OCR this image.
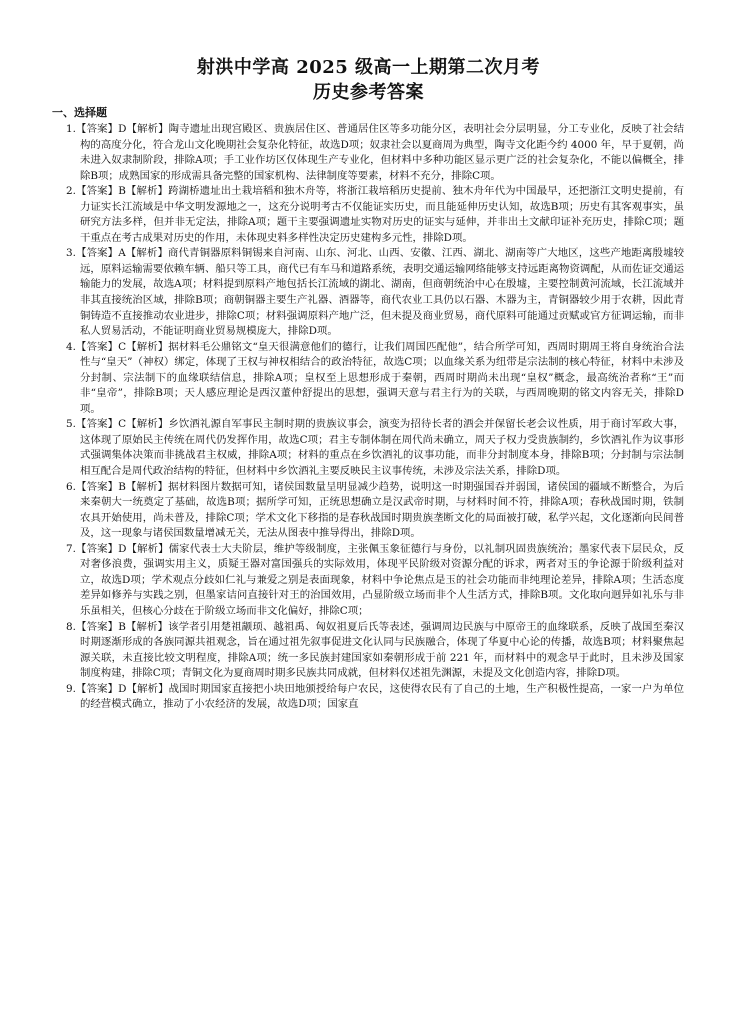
射洪中学高 2025 级高一上期第二次月考
历史参考答案
一、选择题

1.【答案】D【解析】陶寺遗址出现宫殿区、贵族居住区、普通居住区等多功能分区，表明社会分层明显，分工专业化，反映了社会结构的高度分化，符合龙山文化晚期社会复杂化特征，故选D项；奴隶社会以夏商周为典型，陶寺文化距今约 4000 年，早于夏朝，尚未进入奴隶制阶段，排除A项；手工业作坊区仅体现生产专业化，但材料中多种功能区显示更广泛的社会复杂化，不能以偏概全，排除B项；成熟国家的形成需具备完整的国家机构、法律制度等要素，材料不充分，排除C项。

2.【答案】B【解析】跨湖桥遗址出土栽培稻和独木舟等，将浙江栽培稻历史提前、独木舟年代为中国最早，还把浙江文明史提前，有力证实长江流域是中华文明发源地之一，这充分说明考古不仅能证实历史，而且能延伸历史认知，故选B项；历史有其客观事实，虽研究方法多样，但并非无定法，排除A项；题干主要强调遗址实物对历史的证实与延伸，并非出土文献印证补充历史，排除C项；题干重点在考古成果对历史的作用，未体现史料多样性决定历史建构多元性，排除D项。

3.【答案】A【解析】商代青铜器原料铜锡来自河南、山东、河北、山西、安徽、江西、湖北、湖南等广大地区，这些产地距离殷墟较远，原料运输需要依赖车辆、船只等工具，商代已有车马和道路系统，表明交通运输网络能够支持远距离物资调配，从而佐证交通运输能力的发展，故选A项；材料提到原料产地包括长江流域的湖北、湖南，但商朝统治中心在殷墟，主要控制黄河流域，长江流域并非其直接统治区域，排除B项；商朝铜器主要生产礼器、酒器等，商代农业工具仍以石器、木器为主，青铜器较少用于农耕，因此青铜铸造不直接推动农业进步，排除C项；材料强调原料产地广泛，但未提及商业贸易，商代原料可能通过贡赋或官方征调运输，而非私人贸易活动，不能证明商业贸易规模庞大，排除D项。

4.【答案】C【解析】据材料毛公鼎铭文“皇天很满意他们的德行，让我们周国匹配他”，结合所学可知，西周时期周王将自身统治合法性与“皇天”（神权）绑定，体现了王权与神权相结合的政治特征，故选C项；以血缘关系为纽带是宗法制的核心特征，材料中未涉及分封制、宗法制下的血缘联结信息，排除A项；皇权至上思想形成于秦朝，西周时期尚未出现“皇权”概念，最高统治者称“王”而非“皇帝”，排除B项；天人感应理论是西汉董仲舒提出的思想，强调天意与君主行为的关联，与西周晚期的铭文内容无关，排除D项。

5.【答案】C【解析】乡饮酒礼源自军事民主制时期的贵族议事会，演变为招待长者的酒会并保留长老会议性质，用于商讨军政大事，这体现了原始民主传统在周代仍发挥作用，故选C项；君主专制体制在周代尚未确立，周天子权力受贵族制约，乡饮酒礼作为议事形式强调集体决策而非挑战君主权威，排除A项；材料的重点在乡饮酒礼的议事功能，而非分封制度本身，排除B项；分封制与宗法制相互配合是周代政治结构的特征，但材料中乡饮酒礼主要反映民主议事传统，未涉及宗法关系，排除D项。

6.【答案】B【解析】据材料图片数据可知，诸侯国数量呈明显减少趋势，说明这一时期强国吞并弱国，诸侯国的疆域不断整合，为后来秦朝大一统奠定了基础，故选B项；据所学可知，正统思想确立是汉武帝时期，与材料时间不符，排除A项；春秋战国时期，铁制农具开始使用，尚未普及，排除C项；学术文化下移指的是春秋战国时期贵族垄断文化的局面被打破，私学兴起，文化逐渐向民间普及，这一现象与诸侯国数量增减无关，无法从图表中推导得出，排除D项。

7.【答案】D【解析】儒家代表士大夫阶层，维护等级制度，主张佩玉象征德行与身份，以礼制巩固贵族统治；墨家代表下层民众，反对奢侈浪费，强调实用主义，质疑王器对富国强兵的实际效用，体现平民阶级对资源分配的诉求，两者对玉的争论源于阶级利益对立，故选D项；学术观点分歧如仁礼与兼爱之别是表面现象，材料中争论焦点是玉的社会功能而非纯理论差异，排除A项；生活态度差异如修养与实践之别，但墨家诘问直接针对王的治国效用，凸显阶级立场而非个人生活方式，排除B项。文化取向迥异如礼乐与非乐虽相关，但核心分歧在于阶级立场而非文化偏好，排除C项；

8.【答案】B【解析】该学者引用楚祖颛顼、越祖禹、匈奴祖夏后氏等表述，强调周边民族与中原帝王的血缘联系，反映了战国至秦汉时期逐渐形成的各族同源共祖观念，旨在通过祖先叙事促进文化认同与民族融合，体现了华夏中心论的传播，故选B项；材料聚焦起源关联，未直接比较文明程度，排除A项；统一多民族封建国家如秦朝形成于前 221 年，而材料中的观念早于此时，且未涉及国家制度构建，排除C项；青铜文化为夏商周时期多民族共同成就，但材料仅述祖先渊源，未提及文化创造内容，排除D项。

9.【答案】D【解析】战国时期国家直接把小块田地颁授给每户农民，这使得农民有了自己的土地，生产积极性提高，一家一户为单位的经营模式确立，推动了小农经济的发展，故选D项；国家直
